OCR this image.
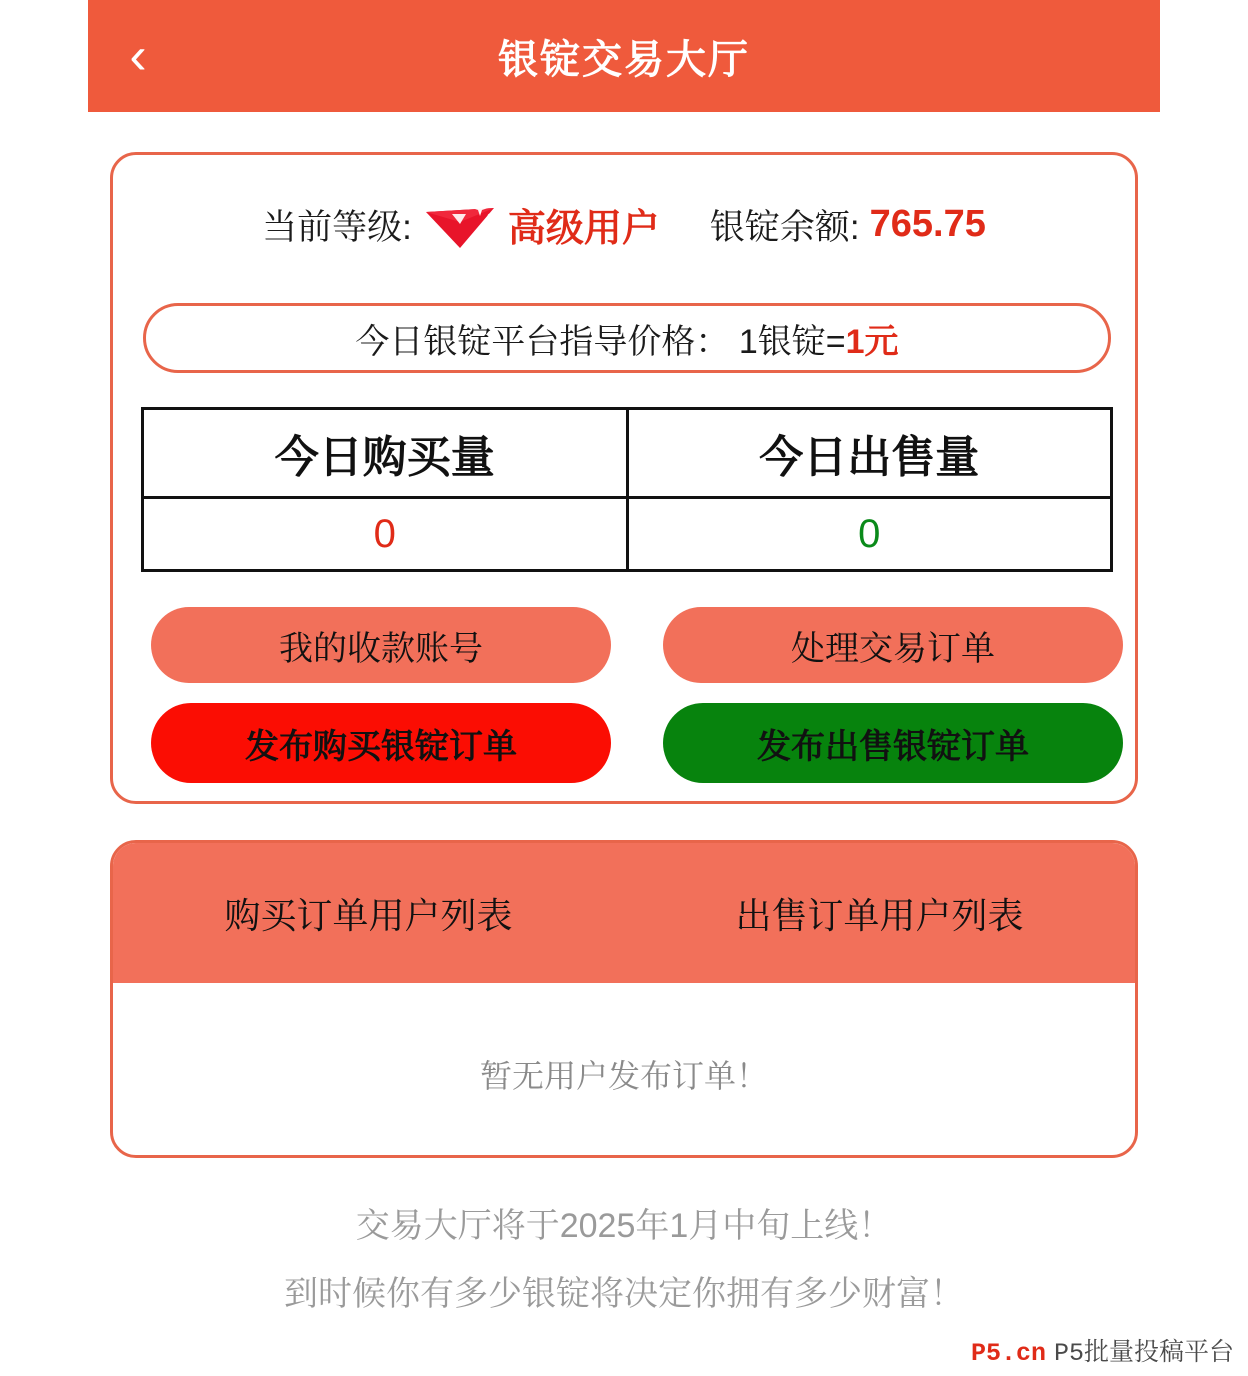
‹	银锭交易大厅
当前等级:	高级用户 银锭余额: 765.75
今日银锭平台指导价格： 1银锭= 1元
今日购买量	今日出售量
0	0
我的收款账号	处理交易订单
发布购买银锭订单	发布出售银锭订单
购买订单用户列表	出售订单用户列表
暂无用户发布订单！
交易大厅将于2025年1月中旬上线！
到时候你有多少银锭将决定你拥有多少财富！
P5.cn P5批量投稿平台
